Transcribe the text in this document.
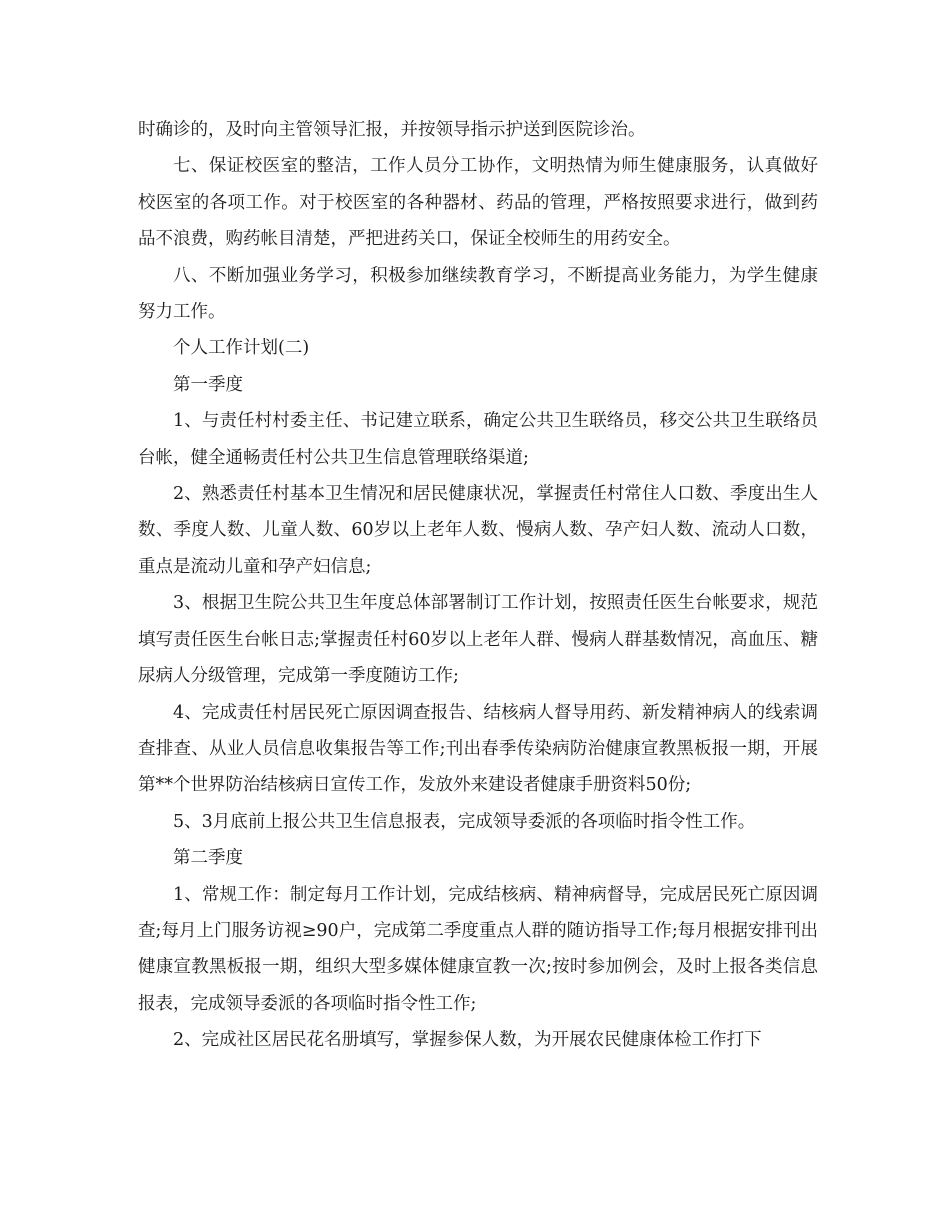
时确诊的，及时向主管领导汇报，并按领导指示护送到医院诊治。

七、保证校医室的整洁，工作人员分工协作，文明热情为师生健康服务，认真做好校医室的各项工作。对于校医室的各种器材、药品的管理，严格按照要求进行，做到药品不浪费，购药帐目清楚，严把进药关口，保证全校师生的用药安全。

八、不断加强业务学习，积极参加继续教育学习，不断提高业务能力，为学生健康努力工作。

个人工作计划(二)

第一季度

1、与责任村村委主任、书记建立联系，确定公共卫生联络员，移交公共卫生联络员台帐，健全通畅责任村公共卫生信息管理联络渠道;

2、熟悉责任村基本卫生情况和居民健康状况，掌握责任村常住人口数、季度出生人数、季度人数、儿童人数、60岁以上老年人数、慢病人数、孕产妇人数、流动人口数，重点是流动儿童和孕产妇信息;

3、根据卫生院公共卫生年度总体部署制订工作计划，按照责任医生台帐要求，规范填写责任医生台帐日志;掌握责任村60岁以上老年人群、慢病人群基数情况，高血压、糖尿病人分级管理，完成第一季度随访工作;

4、完成责任村居民死亡原因调查报告、结核病人督导用药、新发精神病人的线索调查排查、从业人员信息收集报告等工作;刊出春季传染病防治健康宣教黑板报一期，开展第**个世界防治结核病日宣传工作，发放外来建设者健康手册资料50份;

5、3月底前上报公共卫生信息报表，完成领导委派的各项临时指令性工作。

第二季度

1、常规工作：制定每月工作计划，完成结核病、精神病督导，完成居民死亡原因调查;每月上门服务访视≥90户，完成第二季度重点人群的随访指导工作;每月根据安排刊出健康宣教黑板报一期，组织大型多媒体健康宣教一次;按时参加例会，及时上报各类信息报表，完成领导委派的各项临时指令性工作;

2、完成社区居民花名册填写，掌握参保人数，为开展农民健康体检工作打下
